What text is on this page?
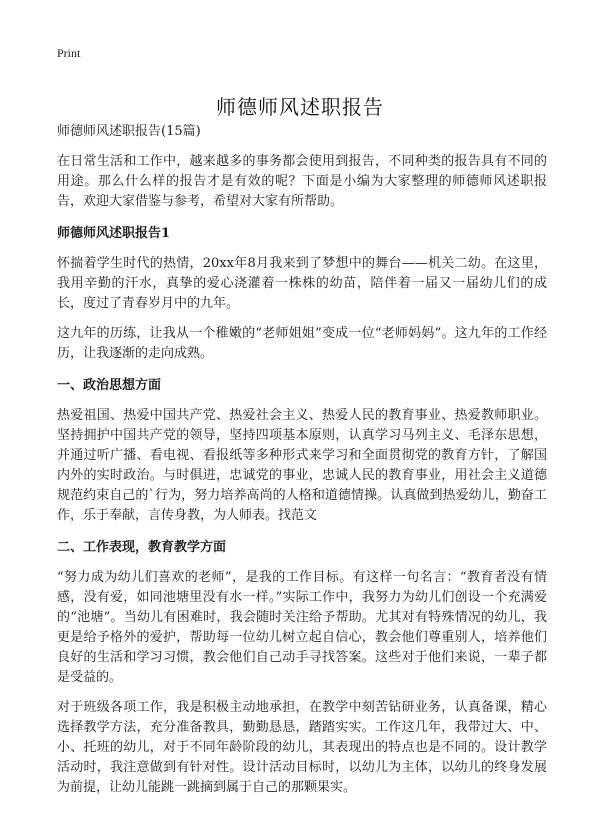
Print
师德师风述职报告
师德师风述职报告(15篇)

在日常生活和工作中，越来越多的事务都会使用到报告，不同种类的报告具有不同的用途。那么什么样的报告才是有效的呢？下面是小编为大家整理的师德师风述职报告，欢迎大家借鉴与参考，希望对大家有所帮助。

师德师风述职报告1

怀揣着学生时代的热情，20xx年8月我来到了梦想中的舞台——机关二幼。在这里，我用辛勤的汗水，真挚的爱心浇灌着一株株的幼苗，陪伴着一届又一届幼儿们的成长，度过了青春岁月中的九年。

这九年的历练，让我从一个稚嫩的“老师姐姐”变成一位“老师妈妈”。这九年的工作经历，让我逐渐的走向成熟。

一、政治思想方面

热爱祖国、热爱中国共产党、热爱社会主义、热爱人民的教育事业、热爱教师职业。坚持拥护中国共产党的领导，坚持四项基本原则，认真学习马列主义、毛泽东思想，并通过听广播、看电视、看报纸等多种形式来学习和全面贯彻党的教育方针，了解国内外的实时政治。与时俱进，忠诚党的事业，忠诚人民的教育事业，用社会主义道德规范约束自己的`行为，努力培养高尚的人格和道德情操。认真做到热爱幼儿，勤奋工作，乐于奉献，言传身教，为人师表。找范文

二、工作表现，教育教学方面

“努力成为幼儿们喜欢的老师”，是我的工作目标。有这样一句名言：“教育者没有情感，没有爱，如同池塘里没有水一样。”实际工作中，我努力为幼儿们创设一个充满爱的“池塘”。当幼儿有困难时，我会随时关注给予帮助。尤其对有特殊情况的幼儿，我更是给予格外的爱护，帮助每一位幼儿树立起自信心，教会他们尊重别人，培养他们良好的生活和学习习惯，教会他们自己动手寻找答案。这些对于他们来说，一辈子都是受益的。

对于班级各项工作，我是积极主动地承担，在教学中刻苦钻研业务，认真备课，精心选择教学方法，充分准备教具，勤勤恳恳，踏踏实实。工作这几年，我带过大、中、小、托班的幼儿，对于不同年龄阶段的幼儿，其表现出的特点也是不同的。设计教学活动时，我注意做到有针对性。设计活动目标时，以幼儿为主体，以幼儿的终身发展为前提，让幼儿能跳一跳摘到属于自己的那颗果实。
